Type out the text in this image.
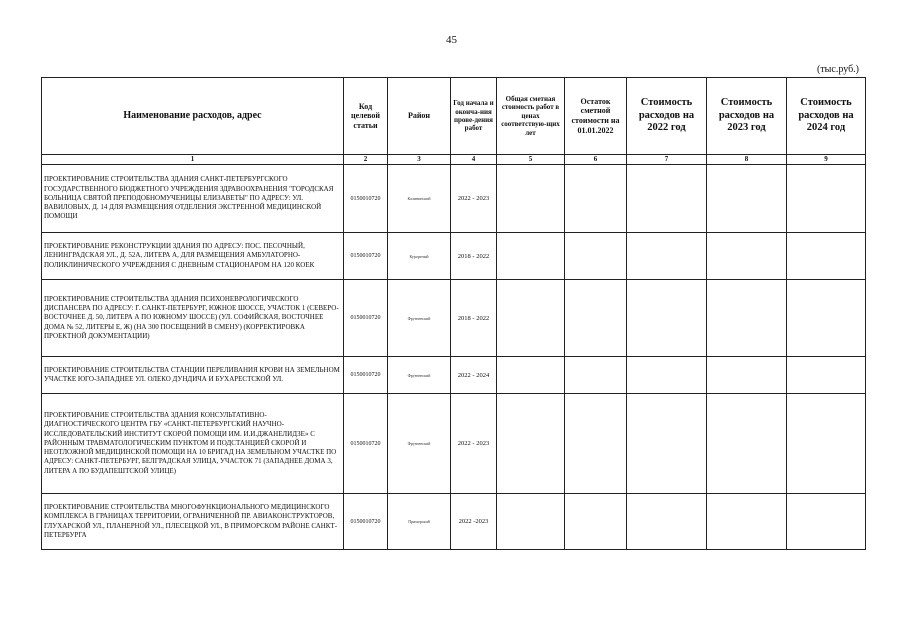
45
(тыс.руб.)
Наименование расходов, адрес	Код целевой статьи	Район	Год начала и оконча-ния прове-дения работ	Общая сметная стоимость работ в ценах соответствую-щих лет	Остаток сметной стоимости на 01.01.2022	Стоимость расходов на 2022 год	Стоимость расходов на 2023 год	Стоимость расходов на 2024 год
1	2	3	4	5	6	7	8	9
ПРОЕКТИРОВАНИЕ СТРОИТЕЛЬСТВА ЗДАНИЯ САНКТ-ПЕТЕРБУРГСКОГО ГОСУДАРСТВЕННОГО БЮДЖЕТНОГО УЧРЕЖДЕНИЯ ЗДРАВООХРАНЕНИЯ "ГОРОДСКАЯ БОЛЬНИЦА СВЯТОЙ ПРЕПОДОБНОМУЧЕНИЦЫ ЕЛИЗАВЕТЫ" ПО АДРЕСУ: УЛ. ВАВИЛОВЫХ, Д. 14 ДЛЯ РАЗМЕЩЕНИЯ ОТДЕЛЕНИЯ ЭКСТРЕННОЙ МЕДИЦИНСКОЙ ПОМОЩИ	0150010720	Калининский	2022 - 2023					
ПРОЕКТИРОВАНИЕ РЕКОНСТРУКЦИИ ЗДАНИЯ ПО АДРЕСУ: ПОС. ПЕСОЧНЫЙ, ЛЕНИНГРАДСКАЯ УЛ., Д. 52А, ЛИТЕРА А, ДЛЯ РАЗМЕЩЕНИЯ АМБУЛАТОРНО-ПОЛИКЛИНИЧЕСКОГО УЧРЕЖДЕНИЯ С ДНЕВНЫМ СТАЦИОНАРОМ НА 120 КОЕК	0150010720	Курортный	2018 - 2022					
ПРОЕКТИРОВАНИЕ СТРОИТЕЛЬСТВА ЗДАНИЯ ПСИХОНЕВРОЛОГИЧЕСКОГО ДИСПАНСЕРА ПО АДРЕСУ: Г. САНКТ-ПЕТЕРБУРГ, ЮЖНОЕ ШОССЕ, УЧАСТОК 1 (СЕВЕРО-ВОСТОЧНЕЕ Д. 50, ЛИТЕРА А ПО ЮЖНОМУ ШОССЕ) (УЛ. СОФИЙСКАЯ, ВОСТОЧНЕЕ ДОМА № 52, ЛИТЕРЫ Е, Ж) (НА 300 ПОСЕЩЕНИЙ В СМЕНУ) (КОРРЕКТИРОВКА ПРОЕКТНОЙ ДОКУМЕНТАЦИИ)	0150010720	Фрунзенский	2018 - 2022					
ПРОЕКТИРОВАНИЕ СТРОИТЕЛЬСТВА СТАНЦИИ ПЕРЕЛИВАНИЯ КРОВИ НА ЗЕМЕЛЬНОМ УЧАСТКЕ ЮГО-ЗАПАДНЕЕ УЛ. ОЛЕКО ДУНДИЧА И БУХАРЕСТСКОЙ УЛ.	0150010720	Фрунзенский	2022 - 2024					
ПРОЕКТИРОВАНИЕ СТРОИТЕЛЬСТВА ЗДАНИЯ КОНСУЛЬТАТИВНО-ДИАГНОСТИЧЕСКОГО ЦЕНТРА ГБУ «САНКТ-ПЕТЕРБУРГСКИЙ НАУЧНО-ИССЛЕДОВАТЕЛЬСКИЙ ИНСТИТУТ СКОРОЙ ПОМОЩИ ИМ. И.И.ДЖАНЕЛИДЗЕ» С РАЙОННЫМ ТРАВМАТОЛОГИЧЕСКИМ ПУНКТОМ И ПОДСТАНЦИЕЙ СКОРОЙ И НЕОТЛОЖНОЙ МЕДИЦИНСКОЙ ПОМОЩИ НА 10 БРИГАД НА ЗЕМЕЛЬНОМ УЧАСТКЕ ПО АДРЕСУ: САНКТ-ПЕТЕРБУРГ, БЕЛГРАДСКАЯ УЛИЦА, УЧАСТОК 71 (ЗАПАДНЕЕ ДОМА 3, ЛИТЕРА А ПО БУДАПЕШТСКОЙ УЛИЦЕ)	0150010720	Фрунзенский	2022 - 2023					
ПРОЕКТИРОВАНИЕ СТРОИТЕЛЬСТВА МНОГОФУНКЦИОНАЛЬНОГО МЕДИЦИНСКОГО КОМПЛЕКСА В ГРАНИЦАХ ТЕРРИТОРИИ, ОГРАНИЧЕННОЙ ПР. АВИАКОНСТРУКТОРОВ, ГЛУХАРСКОЙ УЛ., ПЛАНЕРНОЙ УЛ., ПЛЕСЕЦКОЙ УЛ., В ПРИМОРСКОМ РАЙОНЕ САНКТ-ПЕТЕРБУРГА	0150010720	Приморский	2022 -2023					
